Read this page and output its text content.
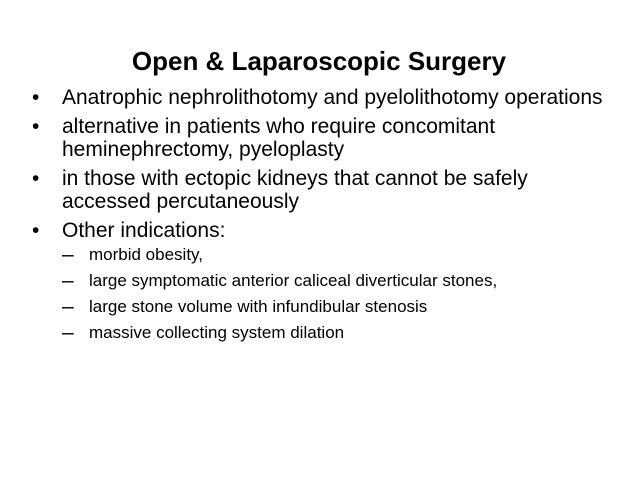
Open & Laparoscopic Surgery
•	Anatrophic nephrolithotomy and pyelolithotomy operations
•	alternative in patients who require concomitant heminephrectomy, pyeloplasty
•	in those with ectopic kidneys that cannot be safely accessed percutaneously
•	Other indications:
– morbid obesity,
– large symptomatic anterior caliceal diverticular stones,
– large stone volume with infundibular stenosis
– massive collecting system dilation
